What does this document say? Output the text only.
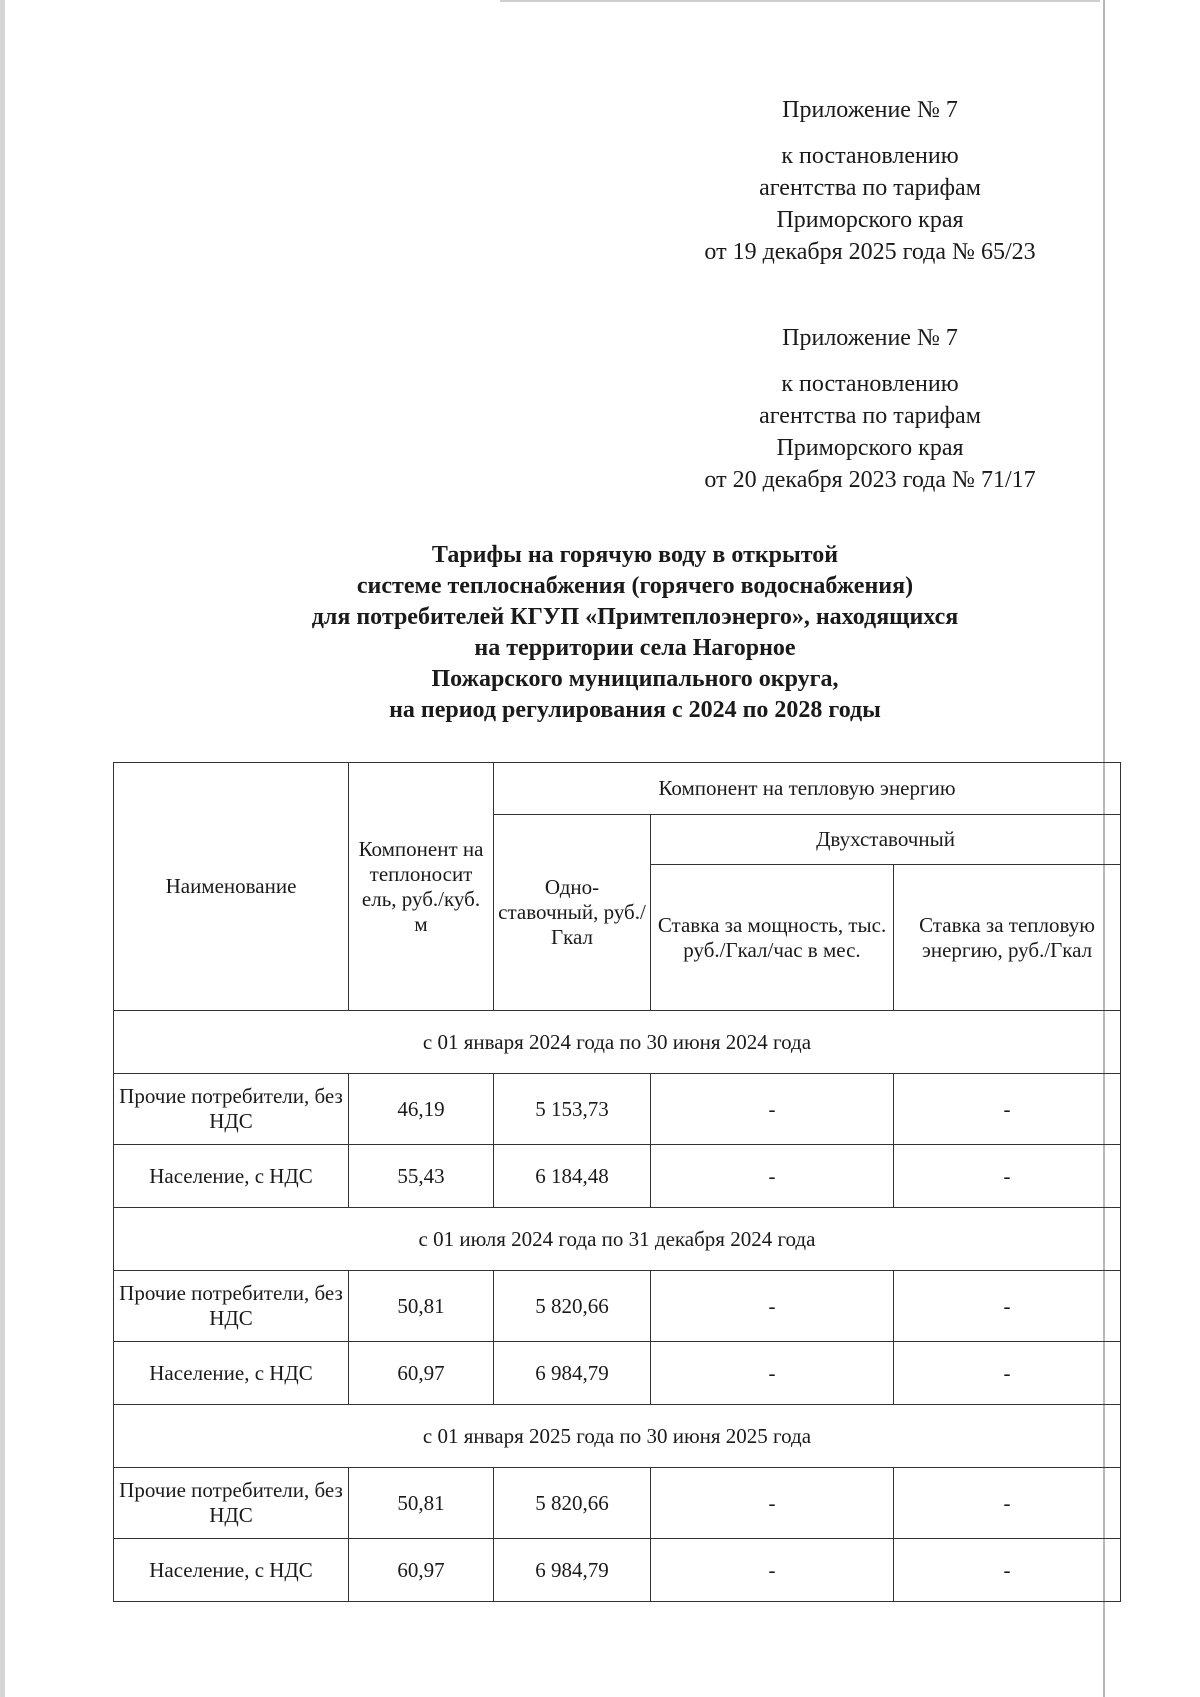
Приложение № 7
к постановлению
агентства по тарифам
Приморского края
от 19 декабря 2025 года № 65/23
Приложение № 7
к постановлению
агентства по тарифам
Приморского края
от 20 декабря 2023 года № 71/17
Тарифы на горячую воду в открытой
системе теплоснабжения (горячего водоснабжения)
для потребителей КГУП «Примтеплоэнерго», находящихся
на территории села Нагорное
Пожарского муниципального округа,
на период регулирования с 2024 по 2028 годы
Наименование	Компонент на теплоносит ель, руб./куб. м	Компонент на тепловую энергию		
		Одно- ставочный, руб./Гкал	Двухставочный	
			Ставка за мощность, тыс. руб./Гкал/час в мес.	Ставка за тепловую энергию, руб./Гкал
с 01 января 2024 года по 30 июня 2024 года				
Прочие потребители, без НДС	46,19	5 153,73	-	-
Население, с НДС	55,43	6 184,48	-	-
с 01 июля 2024 года по 31 декабря 2024 года				
Прочие потребители, без НДС	50,81	5 820,66	-	-
Население, с НДС	60,97	6 984,79	-	-
с 01 января 2025 года по 30 июня 2025 года				
Прочие потребители, без НДС	50,81	5 820,66	-	-
Население, с НДС	60,97	6 984,79	-	-
